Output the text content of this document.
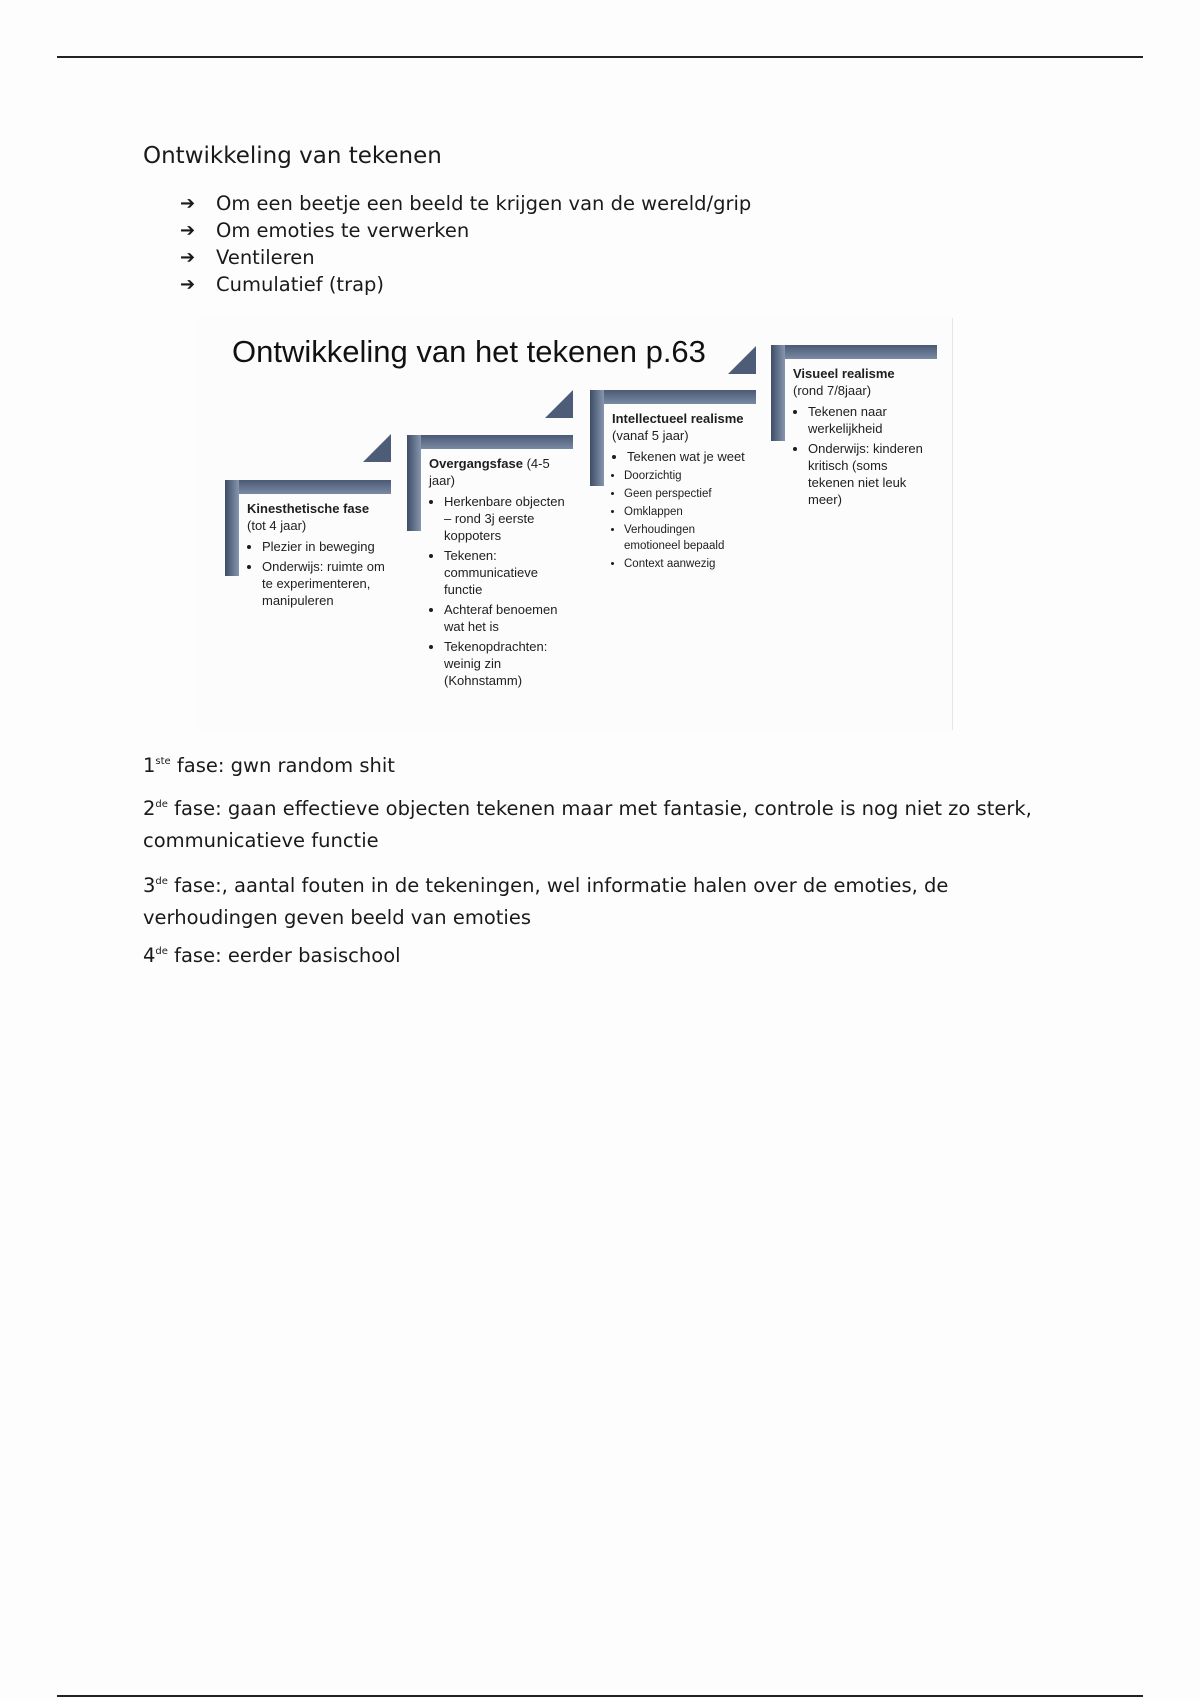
Ontwikkeling van tekenen
➔	Om een beetje een beeld te krijgen van de wereld/grip
➔	Om emoties te verwerken
➔	Ventileren
➔	Cumulatief (trap)
Ontwikkeling van het tekenen p.63
Kinesthetische fase
(tot 4 jaar)
• Plezier in beweging
• Onderwijs: ruimte om te experimenteren, manipuleren
Overgangsfase (4-5 jaar)
• Herkenbare objecten – rond 3j eerste koppoters
• Tekenen: communicatieve functie
• Achteraf benoemen wat het is
• Tekenopdrachten: weinig zin (Kohnstamm)
Intellectueel realisme (vanaf 5 jaar)
• Tekenen wat je weet
• Doorzichtig
• Geen perspectief
• Omklappen
• Verhoudingen emotioneel bepaald
• Context aanwezig
Visueel realisme
(rond 7/8jaar)
• Tekenen naar werkelijkheid
• Onderwijs: kinderen kritisch (soms tekenen niet leuk meer)
1ste fase: gwn random shit
2de fase: gaan effectieve objecten tekenen maar met fantasie, controle is nog niet zo sterk, communicatieve functie
3de fase:, aantal fouten in de tekeningen, wel informatie halen over de emoties, de verhoudingen geven beeld van emoties
4de fase: eerder basischool
